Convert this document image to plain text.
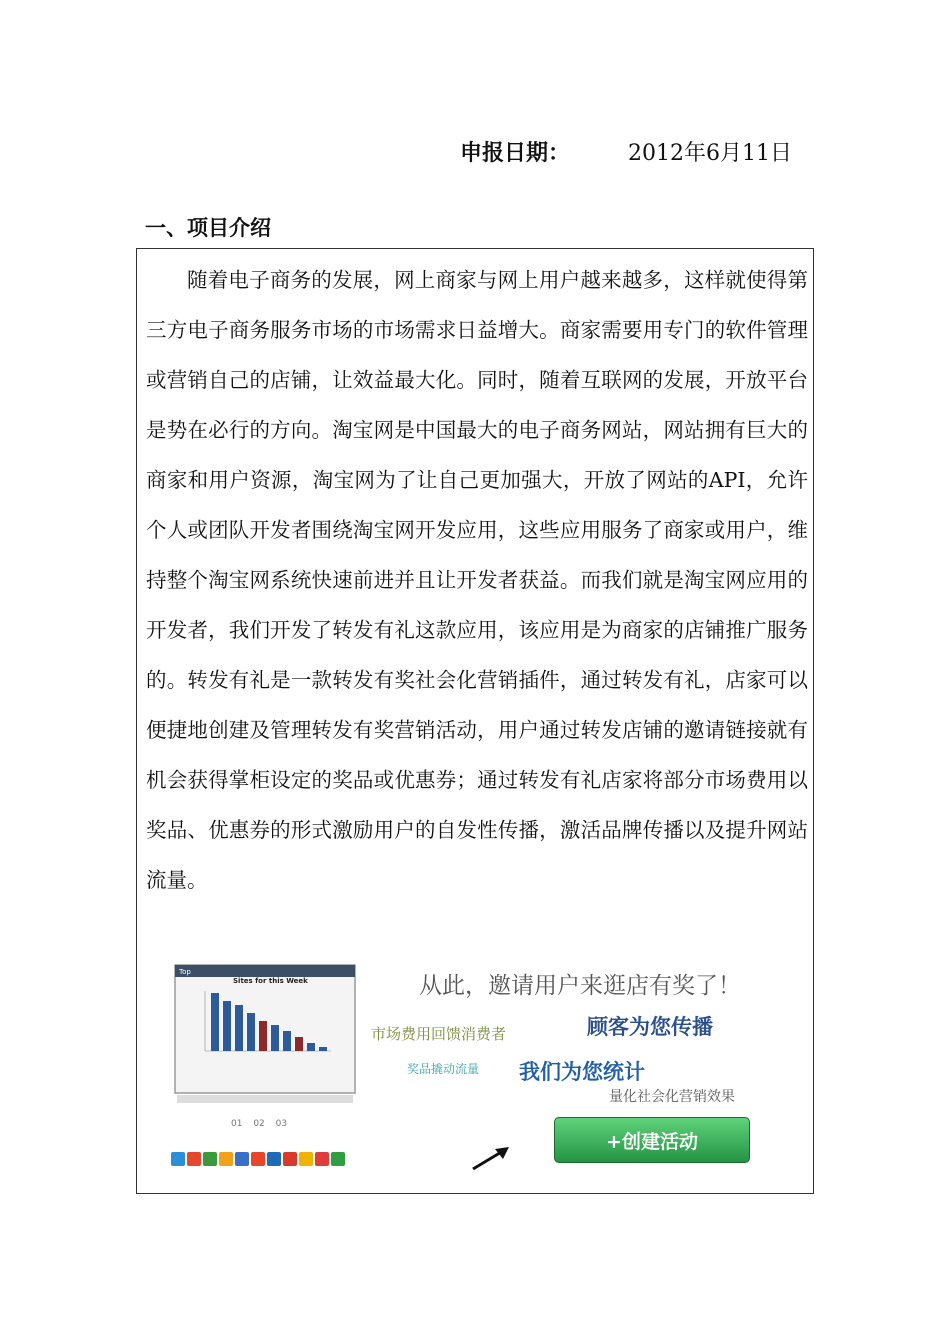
申报日期：	2012年6月11日
一、项目介绍

随着电子商务的发展，网上商家与网上用户越来越多，这样就使得第三方电子商务服务市场的市场需求日益增大。商家需要用专门的软件管理或营销自己的店铺，让效益最大化。同时，随着互联网的发展，开放平台是势在必行的方向。淘宝网是中国最大的电子商务网站，网站拥有巨大的商家和用户资源，淘宝网为了让自己更加强大，开放了网站的API，允许个人或团队开发者围绕淘宝网开发应用，这些应用服务了商家或用户，维持整个淘宝网系统快速前进并且让开发者获益。而我们就是淘宝网应用的开发者，我们开发了转发有礼这款应用，该应用是为商家的店铺推广服务的。转发有礼是一款转发有奖社会化营销插件，通过转发有礼，店家可以便捷地创建及管理转发有奖营销活动，用户通过转发店铺的邀请链接就有机会获得掌柜设定的奖品或优惠券；通过转发有礼店家将部分市场费用以奖品、优惠券的形式激励用户的自发性传播，激活品牌传播以及提升网站流量。

Top
Sites for this Week
01 02 03
从此，邀请用户来逛店有奖了！
市场费用回馈消费者	顾客为您传播
奖品撬动流量 我们为您统计
量化社会化营销效果
+创建活动
